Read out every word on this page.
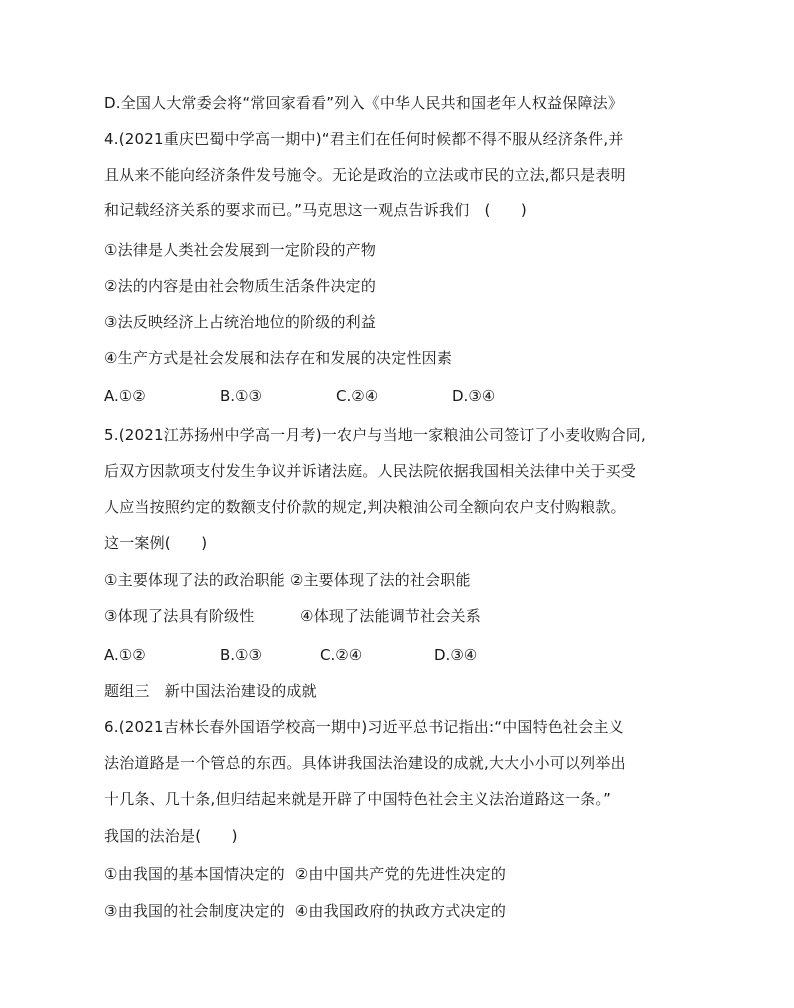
D.全国人大常委会将“常回家看看”列入《中华人民共和国老年人权益保障法》
4.(2021重庆巴蜀中学高一期中)“君主们在任何时候都不得不服从经济条件,并
且从来不能向经济条件发号施令。无论是政治的立法或市民的立法,都只是表明
和记载经济关系的要求而已。”马克思这一观点告诉我们　(　　)
①法律是人类社会发展到一定阶段的产物
②法的内容是由社会物质生活条件决定的
③法反映经济上占统治地位的阶级的利益
④生产方式是社会发展和法存在和发展的决定性因素

A.①②

	B.①③

	C.②④

	D.③④

5.(2021江苏扬州中学高一月考)一农户与当地一家粮油公司签订了小麦收购合同,
后双方因款项支付发生争议并诉诸法庭。人民法院依据我国相关法律中关于买受
人应当按照约定的数额支付价款的规定,判决粮油公司全额向农户支付购粮款。
这一案例(　　)
①主要体现了法的政治职能 ②主要体现了法的社会职能
③体现了法具有阶级性　　　④体现了法能调节社会关系

A.①②

	B.①③

	C.②④

	D.③④

题组三　新中国法治建设的成就
6.(2021吉林长春外国语学校高一期中)习近平总书记指出:“中国特色社会主义
法治道路是一个管总的东西。具体讲我国法治建设的成就,大大小小可以列举出
十几条、几十条,但归结起来就是开辟了中国特色社会主义法治道路这一条。”
我国的法治是(　　)
①由我国的基本国情决定的  ②由中国共产党的先进性决定的
③由我国的社会制度决定的  ④由我国政府的执政方式决定的
